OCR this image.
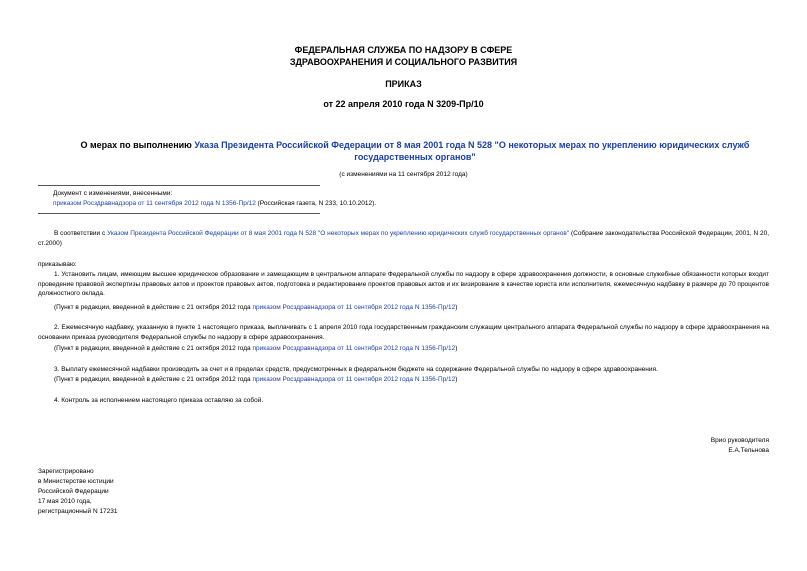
ФЕДЕРАЛЬНАЯ СЛУЖБА ПО НАДЗОРУ В СФЕРЕ
ЗДРАВООХРАНЕНИЯ И СОЦИАЛЬНОГО РАЗВИТИЯ
ПРИКАЗ
от 22 апреля 2010 года N 3209-Пр/10
О мерах по выполнению Указа Президента Российской Федерации от 8 мая 2001 года N 528 "О некоторых мерах по укреплению юридических служб государственных органов"
(с изменениями на 11 сентября 2012 года)
Документ с изменениями, внесенными:
приказом Росздравнадзора от 11 сентября 2012 года N 1356-Пр/12 (Российская газета, N 233, 10.10.2012).
В соответствии с Указом Президента Российской Федерации от 8 мая 2001 года N 528 "О некоторых мерах по укреплению юридических служб государственных органов" (Собрание законодательства Российской Федерации, 2001, N 20, ст.2000)
приказываю:
1. Установить лицам, имеющим высшее юридическое образование и замещающим в центральном аппарате Федеральной службы по надзору в сфере здравоохранения должности, в основные служебные обязанности которых входит проведение правовой экспертизы правовых актов и проектов правовых актов, подготовка и редактирование проектов правовых актов и их визирование в качестве юриста или исполнителя, ежемесячную надбавку в размере до 70 процентов должностного оклада.
(Пункт в редакции, введенной в действие с 21 октября 2012 года приказом Росздравнадзора от 11 сентября 2012 года N 1356-Пр/12)
2. Ежемесячную надбавку, указанную в пункте 1 настоящего приказа, выплачивать с 1 апреля 2010 года государственным гражданским служащим центрального аппарата Федеральной службы по надзору в сфере здравоохранения на основании приказа руководителя Федеральной службы по надзору в сфере здравоохранения.
(Пункт в редакции, введенной в действие с 21 октября 2012 года приказом Росздравнадзора от 11 сентября 2012 года N 1356-Пр/12)
3. Выплату ежемесячной надбавки производить за счет и в пределах средств, предусмотренных в федеральном бюджете на содержание Федеральной службы по надзору в сфере здравоохранения.
(Пункт в редакции, введенной в действие с 21 октября 2012 года приказом Росздравнадзора от 11 сентября 2012 года N 1356-Пр/12)
4. Контроль за исполнением настоящего приказа оставляю за собой.
Врио руководителя
Е.А.Тельнова
Зарегистрировано
в Министерстве юстиции
Российской Федерации
17 мая 2010 года,
регистрационный N 17231
